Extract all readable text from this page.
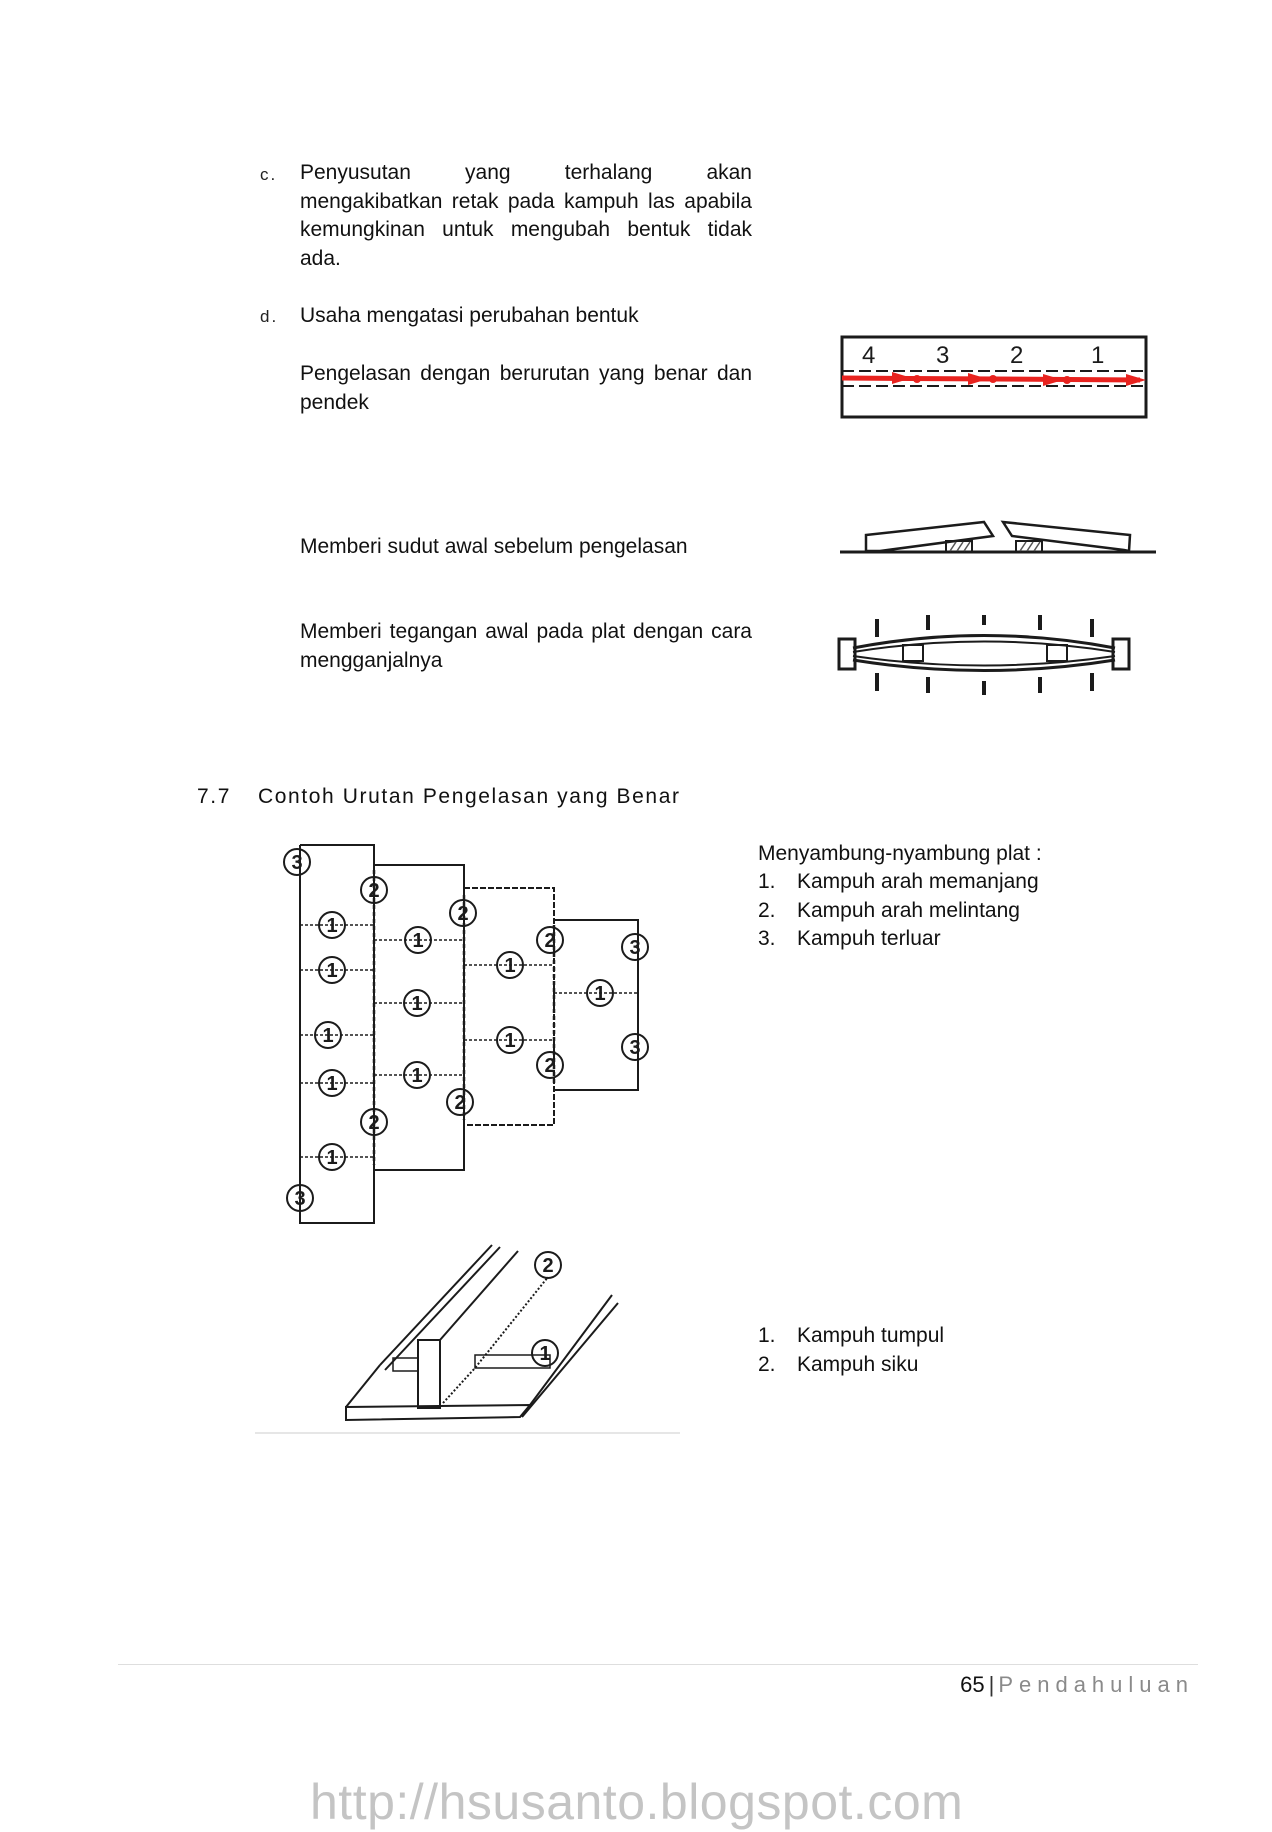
c. Penyusutan yang terhalang akan mengakibatkan retak pada kampuh las apabila kemungkinan untuk mengubah bentuk tidak ada.
d. Usaha mengatasi perubahan bentuk
Pengelasan dengan berurutan yang benar dan pendek
Memberi sudut awal sebelum pengelasan
Memberi tegangan awal pada plat dengan cara mengganjalnya
4	3	2	1
7.7 Contoh Urutan Pengelasan yang Benar
Menyambung-nyambung plat :
1.	Kampuh arah memanjang
2.	Kampuh arah melintang
3.	Kampuh terluar
3
2
2
2	3
3
2
2
2
3
1
1
1
1
1
1
1
1
1
1
1
2
1
1.	Kampuh tumpul
2.	Kampuh siku
65 | Pendahuluan
http://hsusanto.blogspot.com
